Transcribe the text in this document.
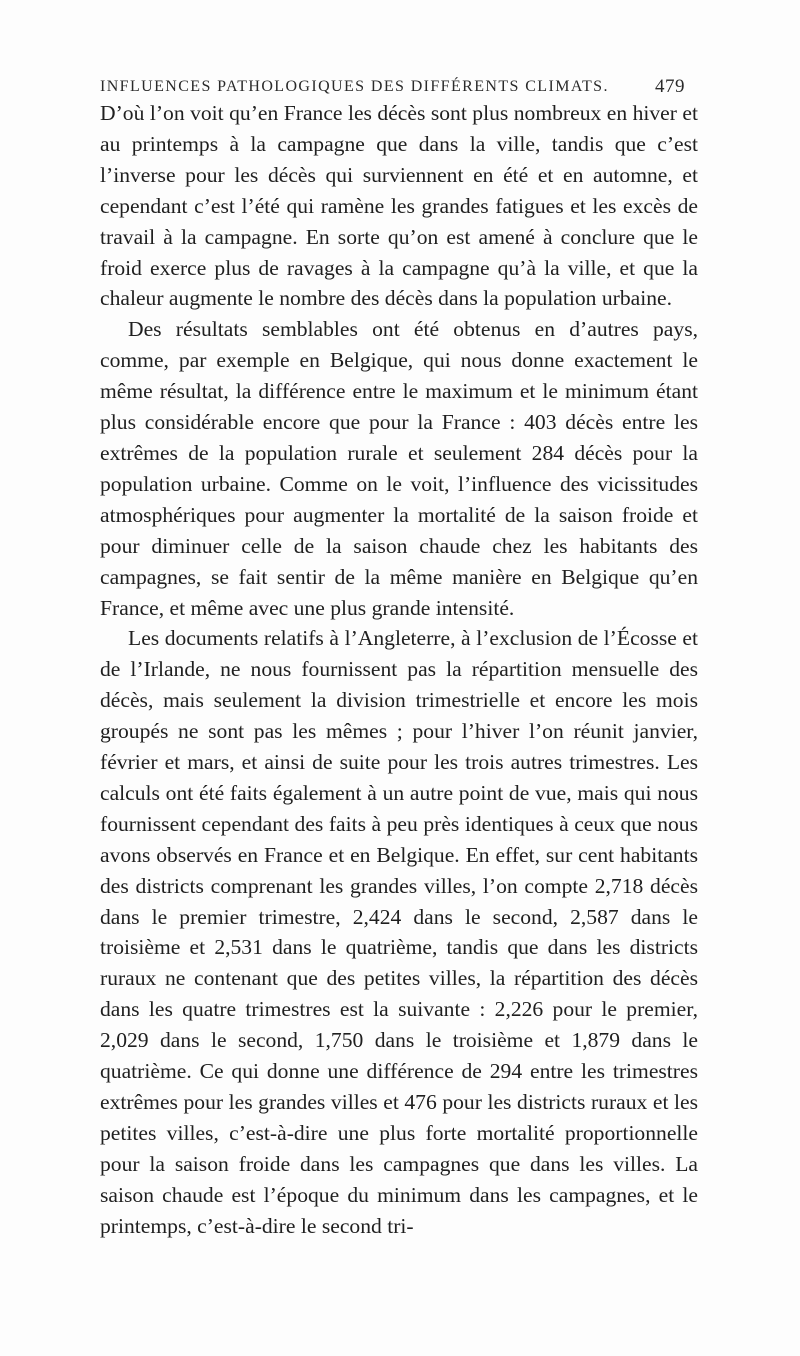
INFLUENCES PATHOLOGIQUES DES DIFFÉRENTS CLIMATS. 479

D’où l’on voit qu’en France les décès sont plus nombreux en hiver et au printemps à la campagne que dans la ville, tandis que c’est l’inverse pour les décès qui surviennent en été et en automne, et cependant c’est l’été qui ramène les grandes fatigues et les excès de travail à la campagne. En sorte qu’on est amené à conclure que le froid exerce plus de ravages à la campagne qu’à la ville, et que la chaleur augmente le nombre des décès dans la population urbaine.

Des résultats semblables ont été obtenus en d’autres pays, comme, par exemple en Belgique, qui nous donne exactement le même résultat, la différence entre le maximum et le minimum étant plus considérable encore que pour la France : 403 décès entre les extrêmes de la population rurale et seulement 284 décès pour la population urbaine. Comme on le voit, l’influence des vicissitudes atmosphériques pour augmenter la mortalité de la saison froide et pour diminuer celle de la saison chaude chez les habitants des campagnes, se fait sentir de la même manière en Belgique qu’en France, et même avec une plus grande intensité.

Les documents relatifs à l’Angleterre, à l’exclusion de l’Écosse et de l’Irlande, ne nous fournissent pas la répartition mensuelle des décès, mais seulement la division trimestrielle et encore les mois groupés ne sont pas les mêmes ; pour l’hiver l’on réunit janvier, février et mars, et ainsi de suite pour les trois autres trimestres. Les calculs ont été faits également à un autre point de vue, mais qui nous fournissent cependant des faits à peu près identiques à ceux que nous avons observés en France et en Belgique. En effet, sur cent habitants des districts comprenant les grandes villes, l’on compte 2,718 décès dans le premier trimestre, 2,424 dans le second, 2,587 dans le troisième et 2,531 dans le quatrième, tandis que dans les districts ruraux ne contenant que des petites villes, la répartition des décès dans les quatre trimestres est la suivante : 2,226 pour le premier, 2,029 dans le second, 1,750 dans le troisième et 1,879 dans le quatrième. Ce qui donne une différence de 294 entre les trimestres extrêmes pour les grandes villes et 476 pour les districts ruraux et les petites villes, c’est-à-dire une plus forte mortalité proportionnelle pour la saison froide dans les campagnes que dans les villes. La saison chaude est l’époque du minimum dans les campagnes, et le printemps, c’est-à-dire le second tri-
